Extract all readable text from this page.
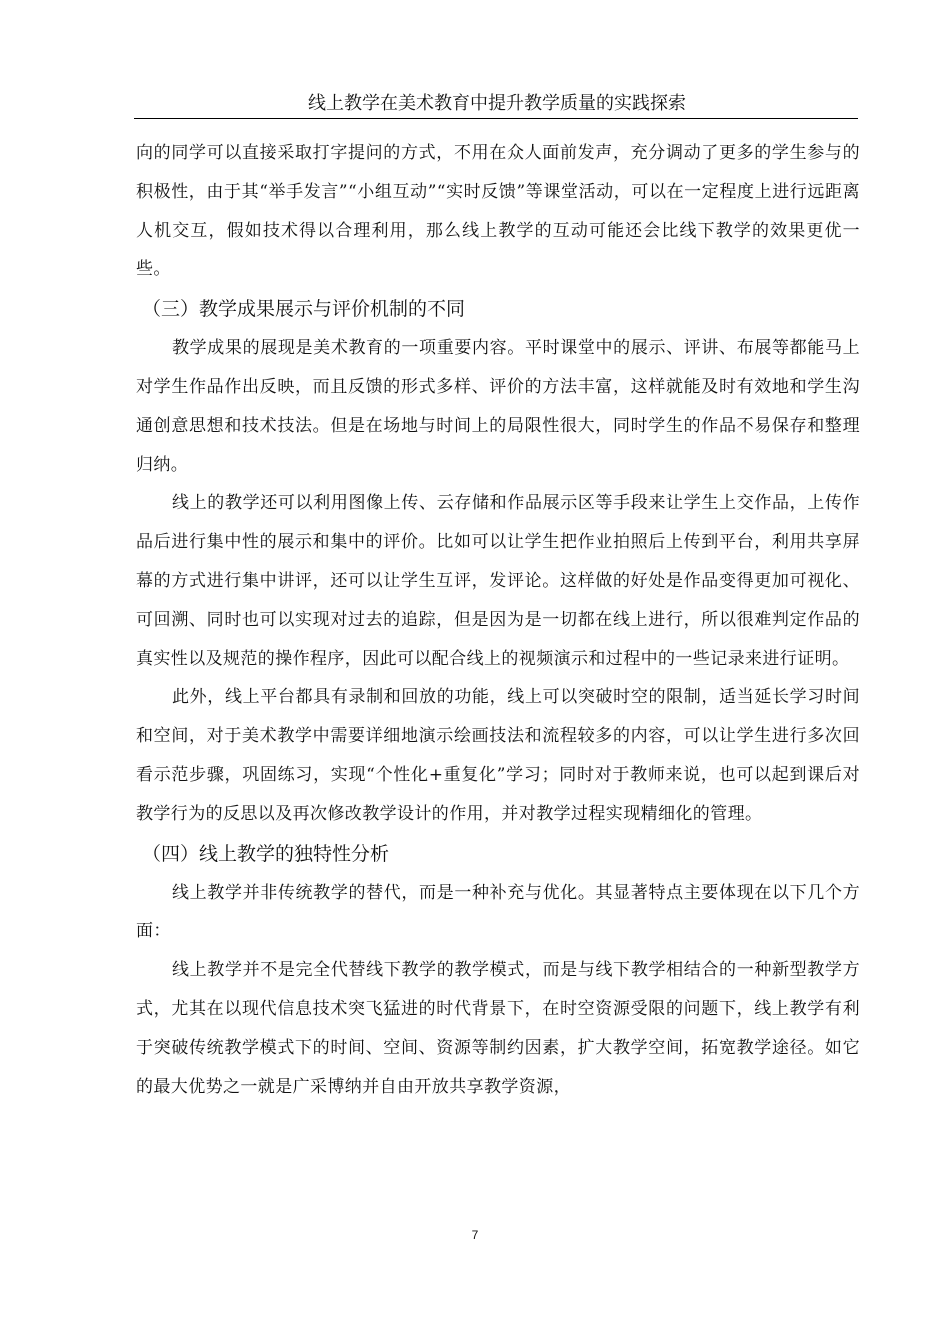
线上教学在美术教育中提升教学质量的实践探索

向的同学可以直接采取打字提问的方式，不用在众人面前发声，充分调动了更多的学生参与的积极性，由于其“举手发言”“小组互动”“实时反馈”等课堂活动，可以在一定程度上进行远距离人机交互，假如技术得以合理利用，那么线上教学的互动可能还会比线下教学的效果更优一些。

（三）教学成果展示与评价机制的不同

教学成果的展现是美术教育的一项重要内容。平时课堂中的展示、评讲、布展等都能马上对学生作品作出反映，而且反馈的形式多样、评价的方法丰富，这样就能及时有效地和学生沟通创意思想和技术技法。但是在场地与时间上的局限性很大，同时学生的作品不易保存和整理归纳。

线上的教学还可以利用图像上传、云存储和作品展示区等手段来让学生上交作品，上传作品后进行集中性的展示和集中的评价。比如可以让学生把作业拍照后上传到平台，利用共享屏幕的方式进行集中讲评，还可以让学生互评，发评论。这样做的好处是作品变得更加可视化、可回溯、同时也可以实现对过去的追踪，但是因为是一切都在线上进行，所以很难判定作品的真实性以及规范的操作程序，因此可以配合线上的视频演示和过程中的一些记录来进行证明。

此外，线上平台都具有录制和回放的功能，线上可以突破时空的限制，适当延长学习时间和空间，对于美术教学中需要详细地演示绘画技法和流程较多的内容，可以让学生进行多次回看示范步骤，巩固练习，实现“个性化+重复化”学习；同时对于教师来说，也可以起到课后对教学行为的反思以及再次修改教学设计的作用，并对教学过程实现精细化的管理。

（四）线上教学的独特性分析

线上教学并非传统教学的替代，而是一种补充与优化。其显著特点主要体现在以下几个方面：

线上教学并不是完全代替线下教学的教学模式，而是与线下教学相结合的一种新型教学方式，尤其在以现代信息技术突飞猛进的时代背景下，在时空资源受限的问题下，线上教学有利于突破传统教学模式下的时间、空间、资源等制约因素，扩大教学空间，拓宽教学途径。如它的最大优势之一就是广采博纳并自由开放共享教学资源，

7
